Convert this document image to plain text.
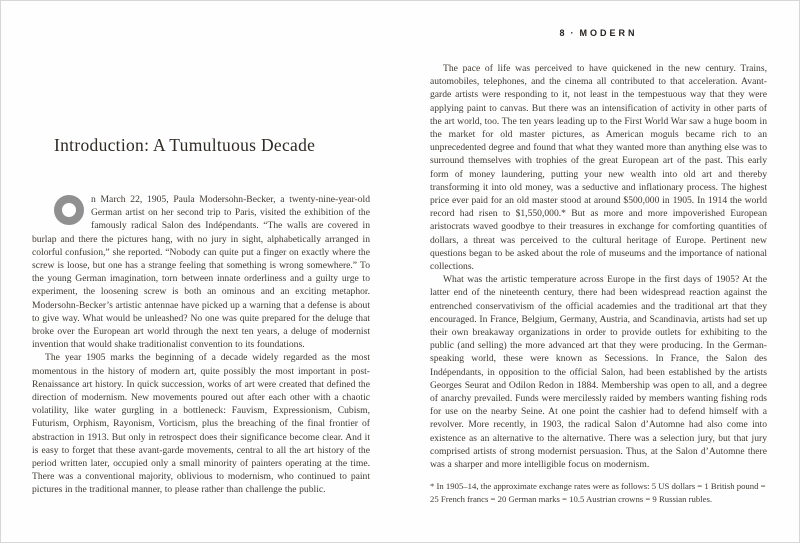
Introduction: A Tumultuous Decade

n March 22, 1905, Paula Modersohn-Becker, a twenty-nine-year-old German artist on her second trip to Paris, visited the exhibition of the famously radical Salon des Indépendants. “The walls are covered in burlap and there the pictures hang, with no jury in sight, alphabetically arranged in colorful confusion,” she reported. “Nobody can quite put a finger on exactly where the screw is loose, but one has a strange feeling that something is wrong somewhere.” To the young German imagination, torn between innate orderliness and a guilty urge to experiment, the loosening screw is both an ominous and an exciting metaphor. Modersohn-Becker’s artistic antennae have picked up a warning that a defense is about to give way. What would be unleashed? No one was quite prepared for the deluge that broke over the European art world through the next ten years, a deluge of modernist invention that would shake traditionalist convention to its foundations.

The year 1905 marks the beginning of a decade widely regarded as the most momentous in the history of modern art, quite possibly the most important in post-Renaissance art history. In quick succession, works of art were created that defined the direction of modernism. New movements poured out after each other with a chaotic volatility, like water gurgling in a bottleneck: Fauvism, Expressionism, Cubism, Futurism, Orphism, Rayonism, Vorticism, plus the breaching of the final frontier of abstraction in 1913. But only in retrospect does their significance become clear. And it is easy to forget that these avant-garde movements, central to all the art history of the period written later, occupied only a small minority of painters operating at the time. There was a conventional majority, oblivious to modernism, who continued to paint pictures in the traditional manner, to please rather than challenge the public.

8 · MODERN

The pace of life was perceived to have quickened in the new century. Trains, automobiles, telephones, and the cinema all contributed to that acceleration. Avant-garde artists were responding to it, not least in the tempestuous way that they were applying paint to canvas. But there was an intensification of activity in other parts of the art world, too. The ten years leading up to the First World War saw a huge boom in the market for old master pictures, as American moguls became rich to an unprecedented degree and found that what they wanted more than anything else was to surround themselves with trophies of the great European art of the past. This early form of money laundering, putting your new wealth into old art and thereby transforming it into old money, was a seductive and inflationary process. The highest price ever paid for an old master stood at around $500,000 in 1905. In 1914 the world record had risen to $1,550,000.* But as more and more impoverished European aristocrats waved goodbye to their treasures in exchange for comforting quantities of dollars, a threat was perceived to the cultural heritage of Europe. Pertinent new questions began to be asked about the role of museums and the importance of national collections.

What was the artistic temperature across Europe in the first days of 1905? At the latter end of the nineteenth century, there had been widespread reaction against the entrenched conservativism of the official academies and the traditional art that they encouraged. In France, Belgium, Germany, Austria, and Scandinavia, artists had set up their own breakaway organizations in order to provide outlets for exhibiting to the public (and selling) the more advanced art that they were producing. In the German-speaking world, these were known as Secessions. In France, the Salon des Indépendants, in opposition to the official Salon, had been established by the artists Georges Seurat and Odilon Redon in 1884. Membership was open to all, and a degree of anarchy prevailed. Funds were mercilessly raided by members wanting fishing rods for use on the nearby Seine. At one point the cashier had to defend himself with a revolver. More recently, in 1903, the radical Salon d’Automne had also come into existence as an alternative to the alternative. There was a selection jury, but that jury comprised artists of strong modernist persuasion. Thus, at the Salon d’Automne there was a sharper and more intelligible focus on modernism.

* In 1905–14, the approximate exchange rates were as follows: 5 US dollars = 1 British pound = 25 French francs = 20 German marks = 10.5 Austrian crowns = 9 Russian rubles.
